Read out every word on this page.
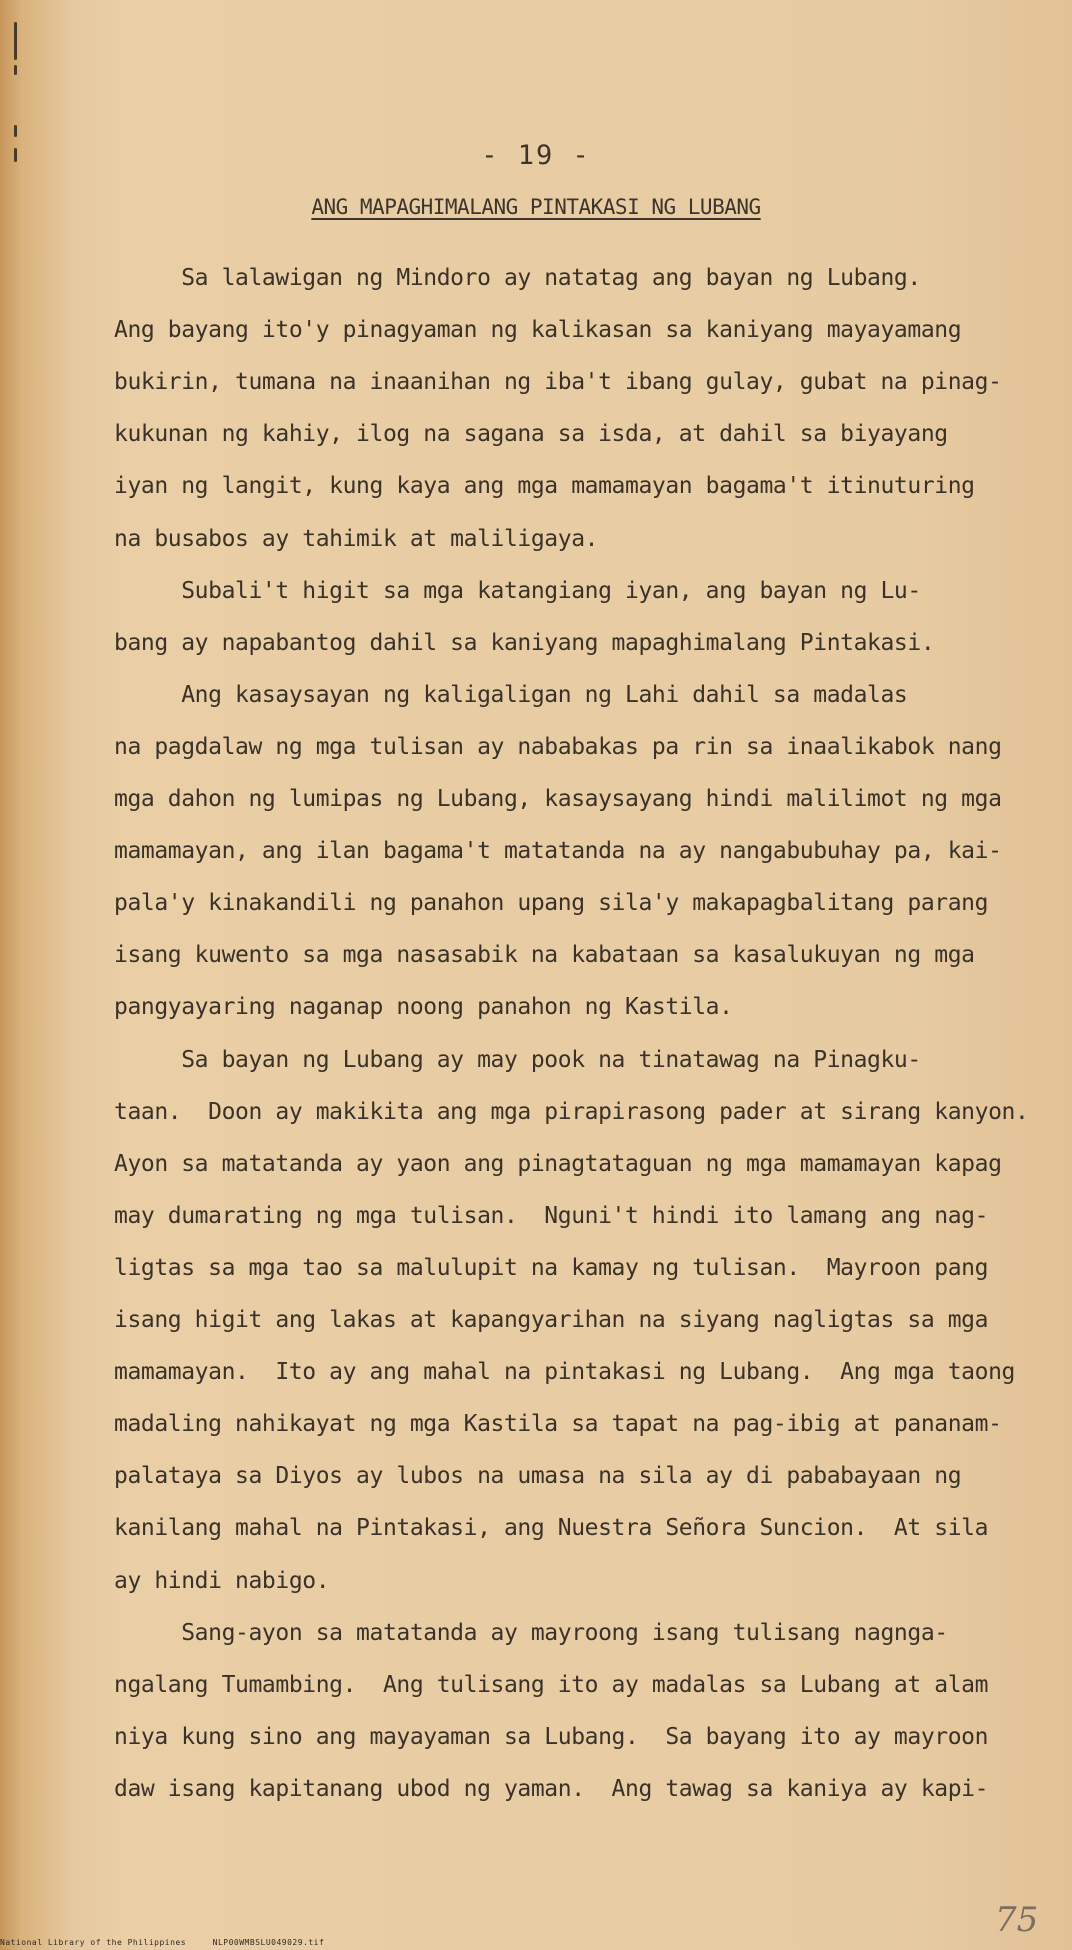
- 19 -
ANG MAPAGHIMALANG PINTAKASI NG LUBANG
Sa lalawigan ng Mindoro ay natatag ang bayan ng Lubang.
Ang bayang ito'y pinagyaman ng kalikasan sa kaniyang mayayamang
bukirin, tumana na inaanihan ng iba't ibang gulay, gubat na pinag-
kukunan ng kahiy, ilog na sagana sa isda, at dahil sa biyayang
iyan ng langit, kung kaya ang mga mamamayan bagama't itinuturing
na busabos ay tahimik at maliligaya.
Subali't higit sa mga katangiang iyan, ang bayan ng Lu-
bang ay napabantog dahil sa kaniyang mapaghimalang Pintakasi.
Ang kasaysayan ng kaligaligan ng Lahi dahil sa madalas
na pagdalaw ng mga tulisan ay nababakas pa rin sa inaalikabok nang
mga dahon ng lumipas ng Lubang, kasaysayang hindi malilimot ng mga
mamamayan, ang ilan bagama't matatanda na ay nangabubuhay pa, kai-
pala'y kinakandili ng panahon upang sila'y makapagbalitang parang
isang kuwento sa mga nasasabik na kabataan sa kasalukuyan ng mga
pangyayaring naganap noong panahon ng Kastila.
Sa bayan ng Lubang ay may pook na tinatawag na Pinagku-
taan.  Doon ay makikita ang mga pirapirasong pader at sirang kanyon.
Ayon sa matatanda ay yaon ang pinagtataguan ng mga mamamayan kapag
may dumarating ng mga tulisan.  Nguni't hindi ito lamang ang nag-
ligtas sa mga tao sa malulupit na kamay ng tulisan.  Mayroon pang
isang higit ang lakas at kapangyarihan na siyang nagligtas sa mga
mamamayan.  Ito ay ang mahal na pintakasi ng Lubang.  Ang mga taong
madaling nahikayat ng mga Kastila sa tapat na pag-ibig at pananam-
palataya sa Diyos ay lubos na umasa na sila ay di pababayaan ng
kanilang mahal na Pintakasi, ang Nuestra Señora Suncion.  At sila
ay hindi nabigo.
Sang-ayon sa matatanda ay mayroong isang tulisang nagnga-
ngalang Tumambing.  Ang tulisang ito ay madalas sa Lubang at alam
niya kung sino ang mayayaman sa Lubang.  Sa bayang ito ay mayroon
daw isang kapitanang ubod ng yaman.  Ang tawag sa kaniya ay kapi-
75
National Library of the Philippines     NLP00WMBSLU049029.tif
